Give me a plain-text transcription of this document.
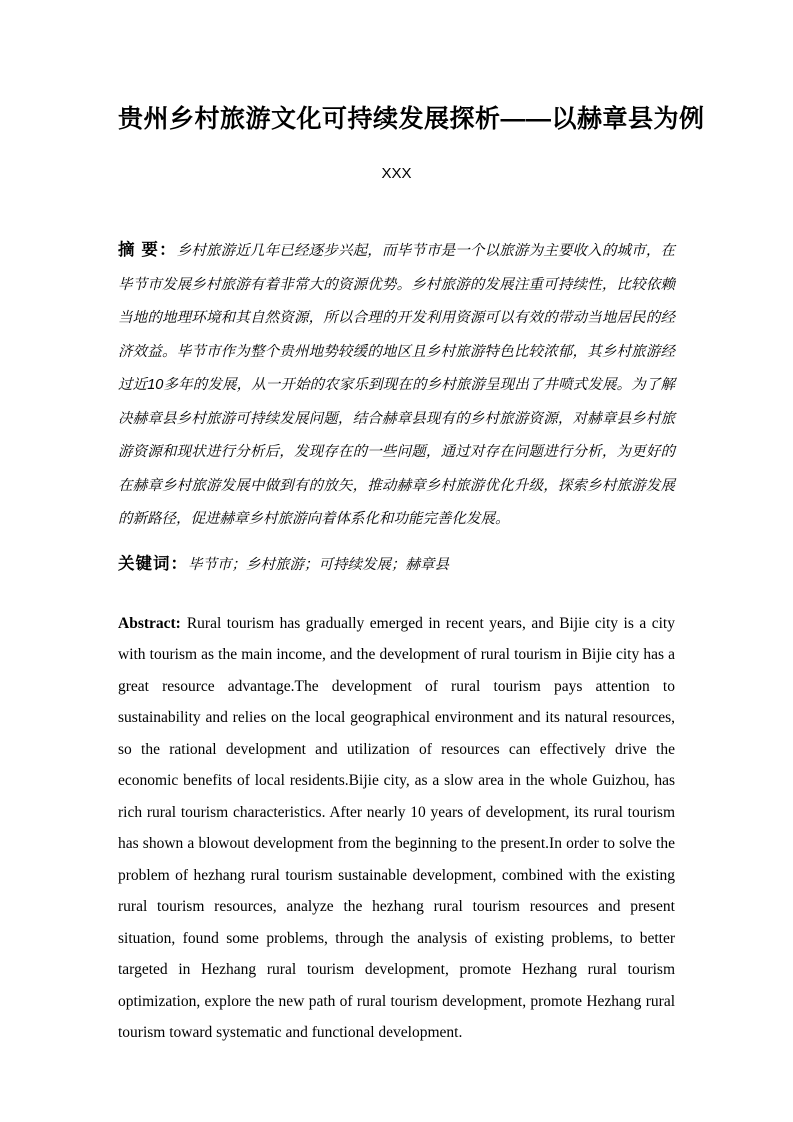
贵州乡村旅游文化可持续发展探析——以赫章县为例
XXX

摘 要：乡村旅游近几年已经逐步兴起，而毕节市是一个以旅游为主要收入的城市，在毕节市发展乡村旅游有着非常大的资源优势。乡村旅游的发展注重可持续性，比较依赖当地的地理环境和其自然资源，所以合理的开发利用资源可以有效的带动当地居民的经济效益。毕节市作为整个贵州地势较缓的地区且乡村旅游特色比较浓郁，其乡村旅游经过近10多年的发展，从一开始的农家乐到现在的乡村旅游呈现出了井喷式发展。为了解决赫章县乡村旅游可持续发展问题，结合赫章县现有的乡村旅游资源，对赫章县乡村旅游资源和现状进行分析后，发现存在的一些问题，通过对存在问题进行分析，为更好的在赫章乡村旅游发展中做到有的放矢，推动赫章乡村旅游优化升级，探索乡村旅游发展的新路径，促进赫章乡村旅游向着体系化和功能完善化发展。

关键词：毕节市；乡村旅游；可持续发展；赫章县

Abstract: Rural tourism has gradually emerged in recent years, and Bijie city is a city with tourism as the main income, and the development of rural tourism in Bijie city has a great resource advantage.The development of rural tourism pays attention to sustainability and relies on the local geographical environment and its natural resources, so the rational development and utilization of resources can effectively drive the economic benefits of local residents.Bijie city, as a slow area in the whole Guizhou, has rich rural tourism characteristics. After nearly 10 years of development, its rural tourism has shown a blowout development from the beginning to the present.In order to solve the problem of hezhang rural tourism sustainable development, combined with the existing rural tourism resources, analyze the hezhang rural tourism resources and present situation, found some problems, through the analysis of existing problems, to better targeted in Hezhang rural tourism development, promote Hezhang rural tourism optimization, explore the new path of rural tourism development, promote Hezhang rural tourism toward systematic and functional development.
